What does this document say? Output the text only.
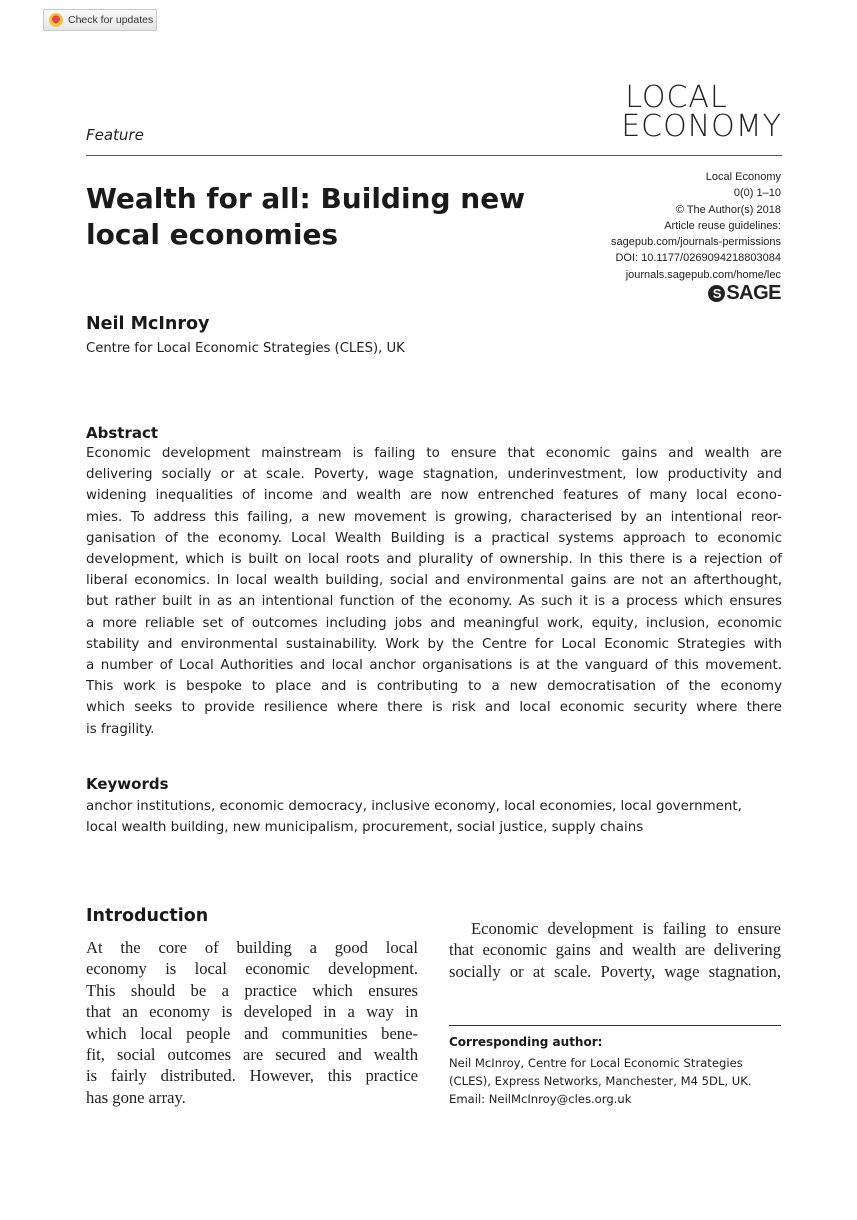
Check for updates
LOCAL
ECONOMY
Feature
Local Economy
0(0) 1–10
© The Author(s) 2018
Article reuse guidelines:
sagepub.com/journals-permissions
DOI: 10.1177/0269094218803084
journals.sagepub.com/home/lec
S SAGE
Wealth for all: Building new local economies
Neil McInroy
Centre for Local Economic Strategies (CLES), UK
Abstract
Economic development mainstream is failing to ensure that economic gains and wealth are
delivering socially or at scale. Poverty, wage stagnation, underinvestment, low productivity and
widening inequalities of income and wealth are now entrenched features of many local econo-
mies. To address this failing, a new movement is growing, characterised by an intentional reor-
ganisation of the economy. Local Wealth Building is a practical systems approach to economic
development, which is built on local roots and plurality of ownership. In this there is a rejection of
liberal economics. In local wealth building, social and environmental gains are not an afterthought,
but rather built in as an intentional function of the economy. As such it is a process which ensures
a more reliable set of outcomes including jobs and meaningful work, equity, inclusion, economic
stability and environmental sustainability. Work by the Centre for Local Economic Strategies with
a number of Local Authorities and local anchor organisations is at the vanguard of this movement.
This work is bespoke to place and is contributing to a new democratisation of the economy
which seeks to provide resilience where there is risk and local economic security where there
is fragility.
Keywords
anchor institutions, economic democracy, inclusive economy, local economies, local government,
local wealth building, new municipalism, procurement, social justice, supply chains
Introduction
At the core of building a good local
economy is local economic development.
This should be a practice which ensures
that an economy is developed in a way in
which local people and communities bene-
fit, social outcomes are secured and wealth
is fairly distributed. However, this practice
has gone array.
Economic development is failing to ensure
that economic gains and wealth are delivering
socially or at scale. Poverty, wage stagnation,
Corresponding author:
Neil McInroy, Centre for Local Economic Strategies
(CLES), Express Networks, Manchester, M4 5DL, UK.
Email: NeilMcInroy@cles.org.uk
